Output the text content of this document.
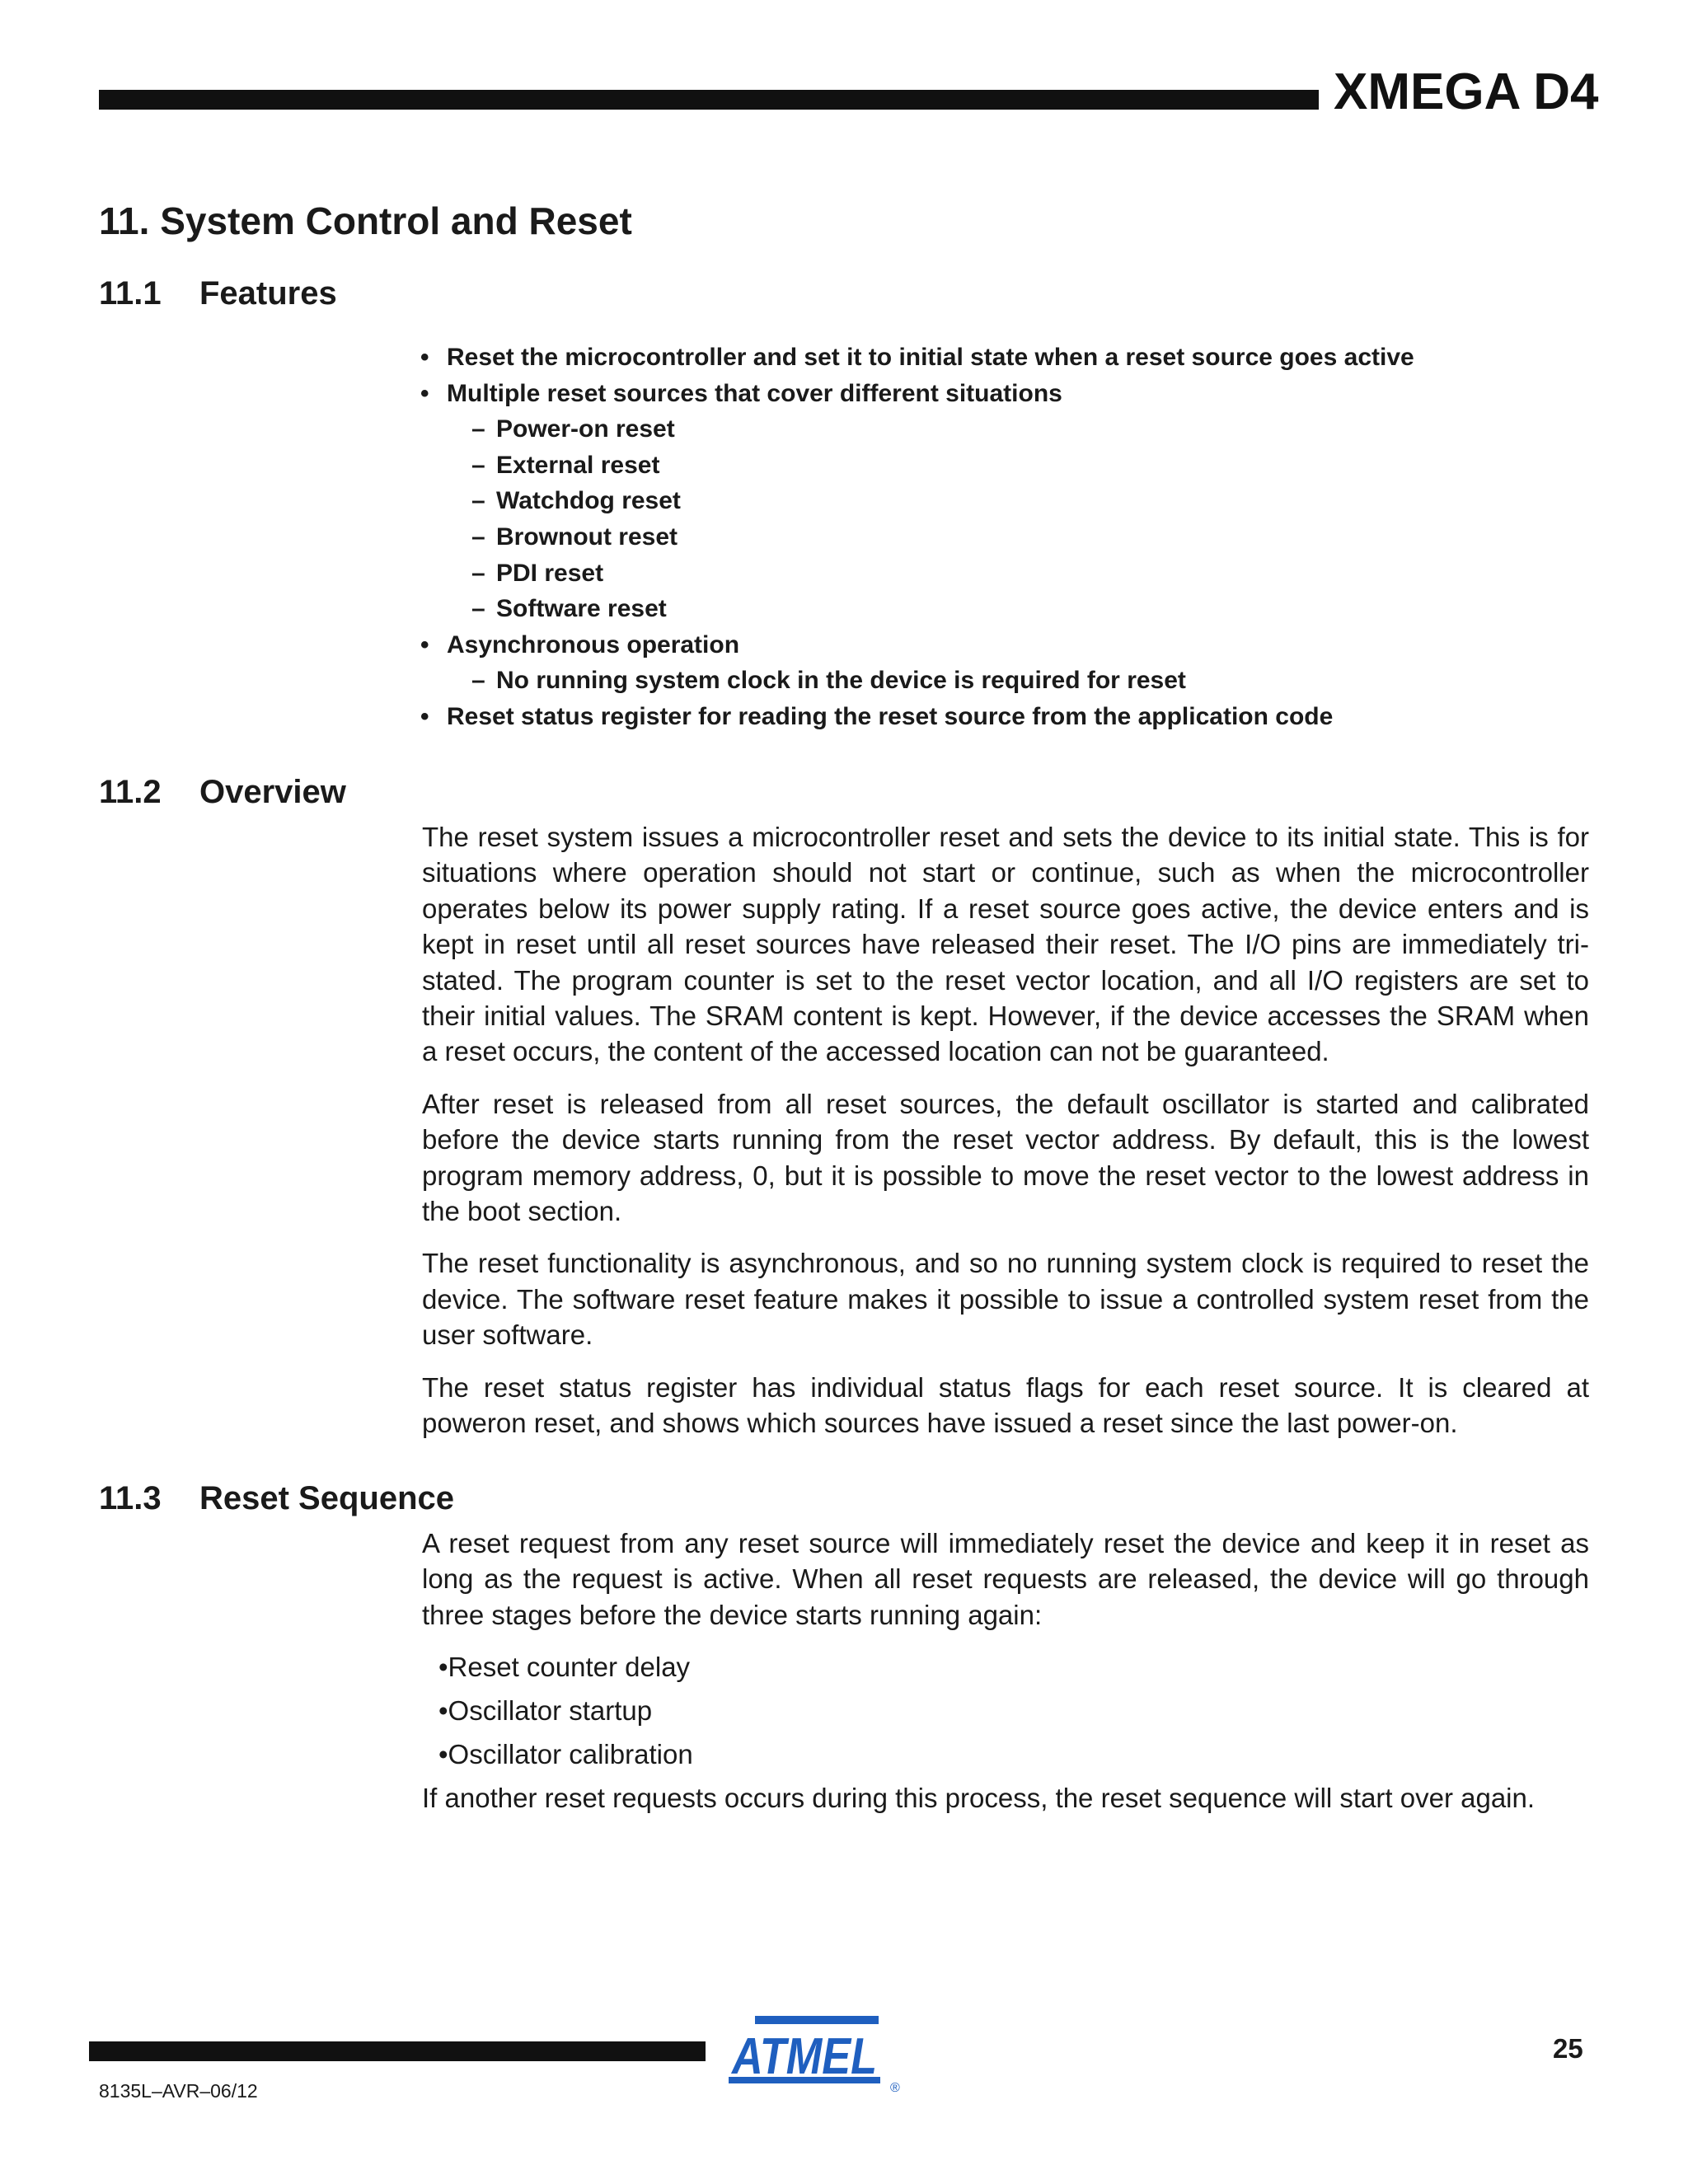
XMEGA D4
11. System Control and Reset
11.1 Features
• Reset the microcontroller and set it to initial state when a reset source goes active
• Multiple reset sources that cover different situations
– Power-on reset
– External reset
– Watchdog reset
– Brownout reset
– PDI reset
– Software reset
• Asynchronous operation
– No running system clock in the device is required for reset
• Reset status register for reading the reset source from the application code
11.2 Overview

The reset system issues a microcontroller reset and sets the device to its initial state. This is for situations where operation should not start or continue, such as when the microcontroller operates below its power supply rating. If a reset source goes active, the device enters and is kept in reset until all reset sources have released their reset. The I/O pins are immediately tri-stated. The program counter is set to the reset vector location, and all I/O registers are set to their initial values. The SRAM content is kept. However, if the device accesses the SRAM when a reset occurs, the content of the accessed location can not be guaranteed.

After reset is released from all reset sources, the default oscillator is started and calibrated before the device starts running from the reset vector address. By default, this is the lowest program memory address, 0, but it is possible to move the reset vector to the lowest address in the boot section.

The reset functionality is asynchronous, and so no running system clock is required to reset the device. The software reset feature makes it possible to issue a controlled system reset from the user software.

The reset status register has individual status flags for each reset source. It is cleared at poweron reset, and shows which sources have issued a reset since the last power-on.

11.3 Reset Sequence

A reset request from any reset source will immediately reset the device and keep it in reset as long as the request is active. When all reset requests are released, the device will go through three stages before the device starts running again:

•Reset counter delay
•Oscillator startup
•Oscillator calibration
If another reset requests occurs during this process, the reset sequence will start over again.
ATMEL
®
25
8135L–AVR–06/12
